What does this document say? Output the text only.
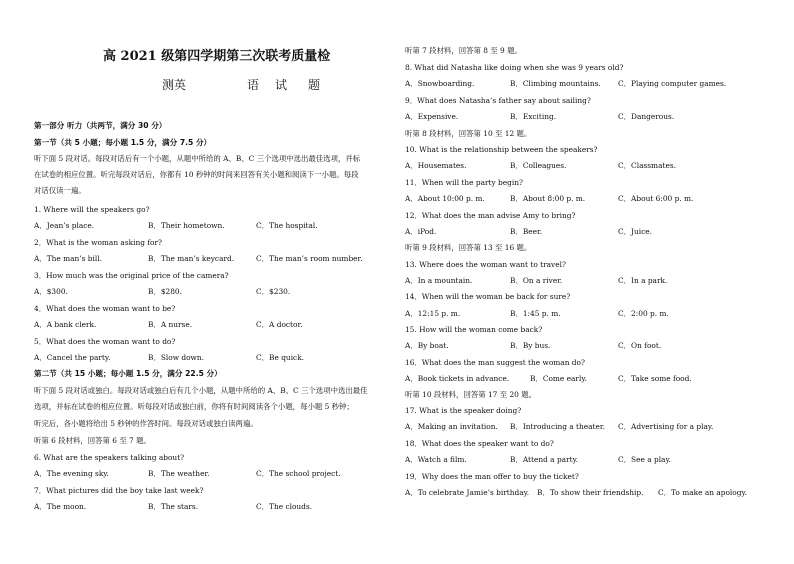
高 2021 级第四学期第三次联考质量检
测英	语 试 题
第一部分 听力（共两节，满分 30 分）
第一节（共 5 小题；每小题 1.5 分，满分 7.5 分）
听下面 5 段对话。每段对话后有一个小题，从题中所给的 A、B、C 三个选项中选出最佳选项，并标
在试卷的相应位置。听完每段对话后，你都有 10 秒钟的时间来回答有关小题和阅读下一小题。每段
对话仅读一遍。
1. Where will the speakers go?
A．Jean’s place.	B．Their hometown.	C．The hospital.
2．What is the woman asking for?
A．The man’s bill.	B．The man’s keycard.	C．The man’s room number.
3．How much was the original price of the camera?
A．$300.	B．$280.	C．$230.
4．What does the woman want to be?
A．A bank clerk.	B．A nurse.	C．A doctor.
5．What does the woman want to do?
A．Cancel the party.	B．Slow down.	C．Be quick.
第二节（共 15 小题；每小题 1.5 分，满分 22.5 分）
听下面 5 段对话或独白。每段对话或独白后有几个小题，从题中所给的 A、B、C 三个选项中选出最佳
选项，并标在试卷的相应位置。听每段对话或独白前，你将有时间阅读各个小题，每小题 5 秒钟；
听完后，各小题将给出 5 秒钟的作答时间。每段对话或独白读两遍。
听第 6 段材料，回答第 6 至 7 题。
6. What are the speakers talking about?
A．The evening sky.	B．The weather.	C．The school project.
7．What pictures did the boy take last week?
A．The moon.	B．The stars.	C．The clouds.
听第 7 段材料，回答第 8 至 9 题。
8. What did Natasha like doing when she was 9 years old?
A．Snowboarding.	B．Climbing mountains. C．Playing computer games.
9．What does Natasha’s father say about sailing?
A．Expensive.	B．Exciting.	C．Dangerous.
听第 8 段材料，回答第 10 至 12 题。
10. What is the relationship between the speakers?
A．Housemates.	B．Colleagues.	C．Classmates.
11．When will the party begin?
A．About 10:00 p. m.	B．About 8:00 p. m.	C．About 6:00 p. m.
12．What does the man advise Amy to bring?
A．iPod.	B．Beer.	C．Juice.
听第 9 段材料，回答第 13 至 16 题。
13. Where does the woman want to travel?
A．In a mountain.	B．On a river.	C．In a park.
14．When will the woman be back for sure?
A．12:15 p. m.	B．1:45 p. m.	C．2:00 p. m.
15. How will the woman come back?
A．By boat.	B．By bus.	C．On foot.
16．What does the man suggest the woman do?
A．Book tickets in advance.	B．Come early.	C．Take some food.
听第 10 段材料，回答第 17 至 20 题。
17. What is the speaker doing?
A．Making an invitation. B．Introducing a theater. C．Advertising for a play.
18．What does the speaker want to do?
A．Watch a film.	B．Attend a party.	C．See a play.
19．Why does the man offer to buy the ticket?
A．To celebrate Jamie’s birthday. B．To show their friendship. C．To make an apology.
